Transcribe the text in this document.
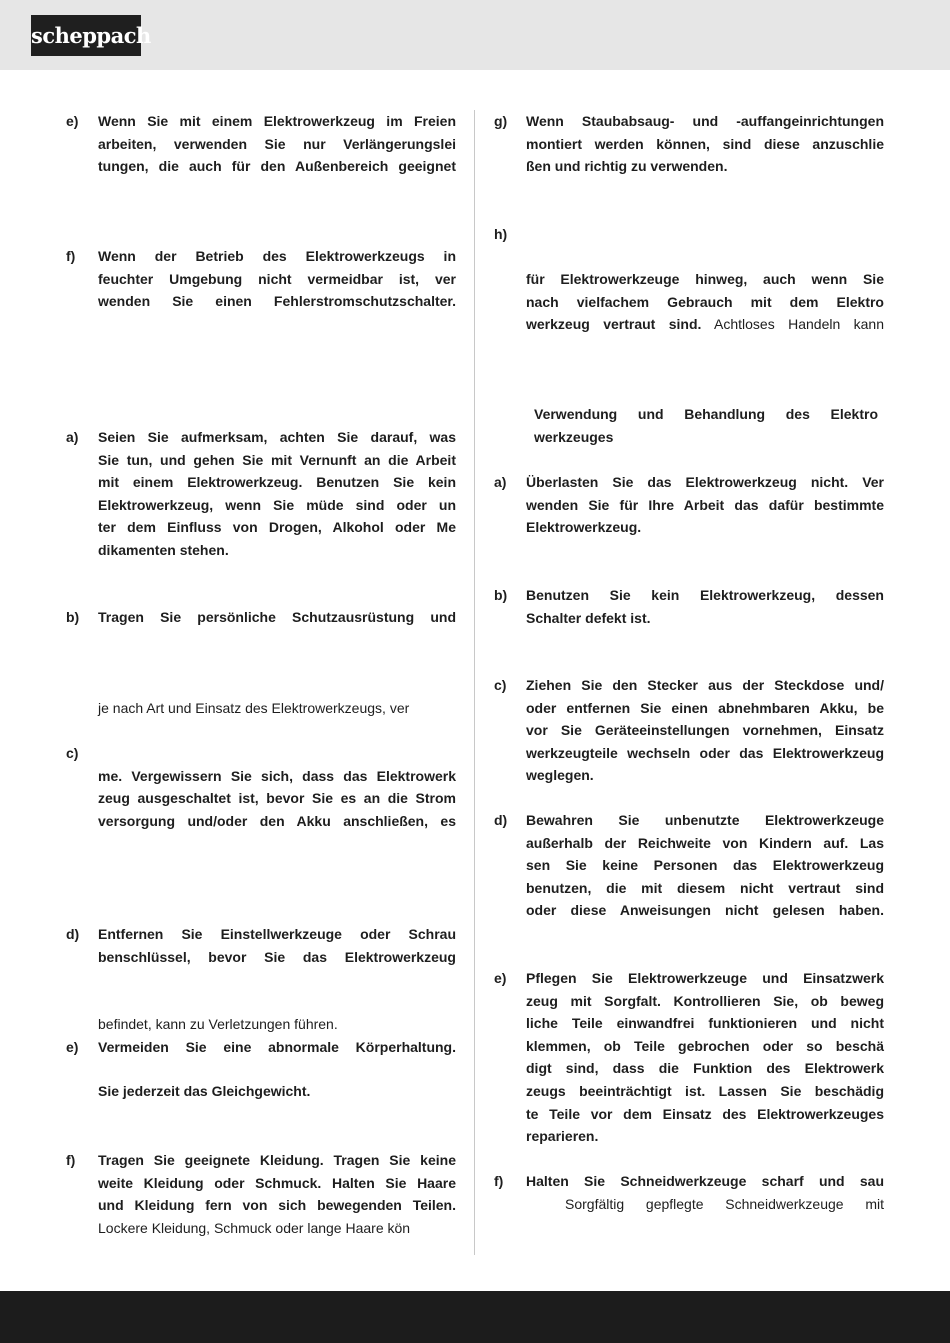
scheppach
e) Wenn Sie mit einem Elektrowerkzeug im Freien
arbeiten, verwenden Sie nur Verlängerungslei
tungen, die auch für den Außenbereich geeignet
f) Wenn der Betrieb des Elektrowerkzeugs in
feuchter Umgebung nicht vermeidbar ist, ver
wenden Sie einen Fehlerstromschutzschalter.
a) Seien Sie aufmerksam, achten Sie darauf, was
Sie tun, und gehen Sie mit Vernunft an die Arbeit
mit einem Elektrowerkzeug. Benutzen Sie kein
Elektrowerkzeug, wenn Sie müde sind oder un
ter dem Einfluss von Drogen, Alkohol oder Me
dikamenten stehen.
b) Tragen Sie persönliche Schutzausrüstung und
je nach Art und Einsatz des Elektrowerkzeugs, ver
c)
me. Vergewissern Sie sich, dass das Elektrowerk
zeug ausgeschaltet ist, bevor Sie es an die Strom
versorgung und/oder den Akku anschließen, es
d) Entfernen Sie Einstellwerkzeuge oder Schrau
benschlüssel, bevor Sie das Elektrowerkzeug
befindet, kann zu Verletzungen führen.
e) Vermeiden Sie eine abnormale Körperhaltung.
Sie jederzeit das Gleichgewicht.
f) Tragen Sie geeignete Kleidung. Tragen Sie keine
weite Kleidung oder Schmuck. Halten Sie Haare
und Kleidung fern von sich bewegenden Teilen.
Lockere Kleidung, Schmuck oder lange Haare kön
g) Wenn Staubabsaug- und -auffangeinrichtungen
montiert werden können, sind diese anzuschlie
ßen und richtig zu verwenden.
h)
für Elektrowerkzeuge hinweg, auch wenn Sie
nach vielfachem Gebrauch mit dem Elektro
werkzeug vertraut sind. Achtloses Handeln kann
Verwendung und Behandlung des Elektro
werkzeuges
a) Überlasten Sie das Elektrowerkzeug nicht. Ver
wenden Sie für Ihre Arbeit das dafür bestimmte
Elektrowerkzeug.
b) Benutzen Sie kein Elektrowerkzeug, dessen
Schalter defekt ist.
c) Ziehen Sie den Stecker aus der Steckdose und/
oder entfernen Sie einen abnehmbaren Akku, be
vor Sie Geräteeinstellungen vornehmen, Einsatz
werkzeugteile wechseln oder das Elektrowerkzeug
weglegen.
d) Bewahren Sie unbenutzte Elektrowerkzeuge
außerhalb der Reichweite von Kindern auf. Las
sen Sie keine Personen das Elektrowerkzeug
benutzen, die mit diesem nicht vertraut sind
oder diese Anweisungen nicht gelesen haben.
e) Pflegen Sie Elektrowerkzeuge und Einsatzwerk
zeug mit Sorgfalt. Kontrollieren Sie, ob beweg
liche Teile einwandfrei funktionieren und nicht
klemmen, ob Teile gebrochen oder so beschä
digt sind, dass die Funktion des Elektrowerk
zeugs beeinträchtigt ist. Lassen Sie beschädig
te Teile vor dem Einsatz des Elektrowerkzeuges
reparieren.
f) Halten Sie Schneidwerkzeuge scharf und sau
Sorgfältig gepflegte Schneidwerkzeuge mit
